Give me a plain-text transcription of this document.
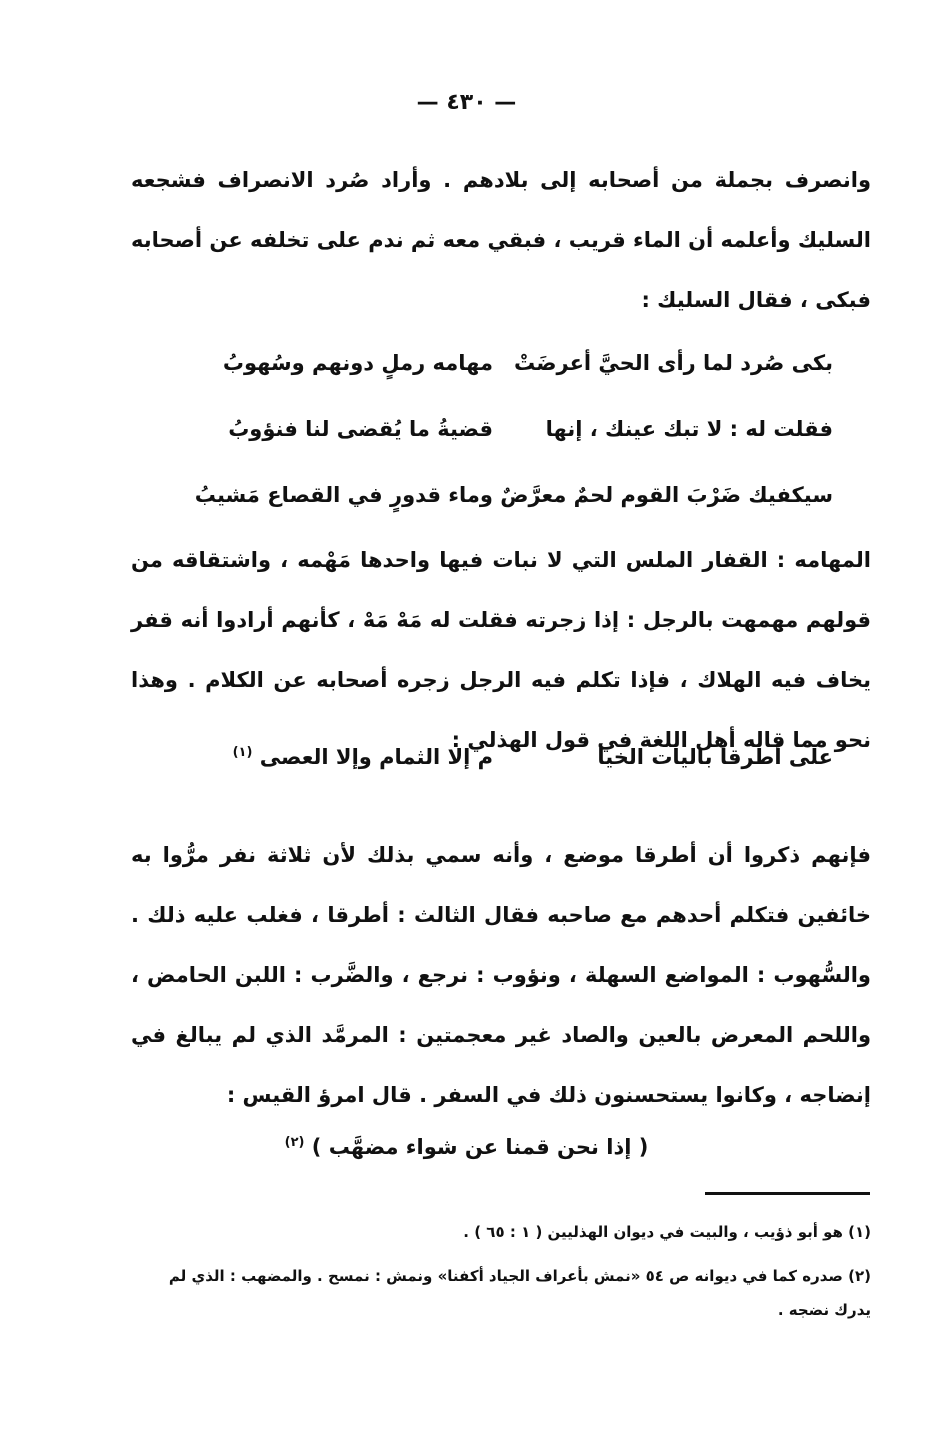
— ٤٣٠ —
وانصرف بجملة من أصحابه إلى بلادهم . وأراد صُرد الانصراف فشجعه السليك وأعلمه أن الماء قريب ، فبقي معه ثم ندم على تخلفه عن أصحابه فبكى ، فقال السليك :
بكى صُرد لما رأى الحيَّ أعرضَتْ
مهامه رملٍ دونهم وسُهوبُ
فقلت له : لا تبك عينك ، إنها
قضيةُ ما يُقضى لنا فنؤوبُ
سيكفيك ضَرْبَ القوم لحمٌ معرَّضٌ
وماء قدورٍ في القصاع مَشيبُ
المهامه : القفار الملس التي لا نبات فيها واحدها مَهْمه ، واشتقاقه من قولهم مهمهت بالرجل : إذا زجرته فقلت له مَهْ مَهْ ، كأنهم أرادوا أنه قفر يخاف فيه الهلاك ، فإذا تكلم فيه الرجل زجره أصحابه عن الكلام . وهذا نحو مما قاله أهل اللغة في قول الهذلي :
على أطرقا باليات الخيا
م إلا الثمام وإلا العصى $^{(١)}$
فإنهم ذكروا أن أطرقا موضع ، وأنه سمي بذلك لأن ثلاثة نفر مرُّوا به خائفين فتكلم أحدهم مع صاحبه فقال الثالث : أطرقا ، فغلب عليه ذلك . والسُّهوب : المواضع السهلة ، ونؤوب : نرجع ، والضَّرب : اللبن الحامض ، واللحم المعرض بالعين والصاد غير معجمتين : المرمَّد الذي لم يبالغ في إنضاجه ، وكانوا يستحسنون ذلك في السفر . قال امرؤ القيس :
( إذا نحن قمنا عن شواء مضهَّب ) $^{(٢)}$

(١) هو أبو ذؤيب ، والبيت في ديوان الهذليين ( ١ : ٦٥ ) .

(٢) صدره كما في ديوانه ص ٥٤ «نمش بأعراف الجياد أكفنا» ونمش : نمسح . والمضهب : الذي لم يدرك نضجه .
